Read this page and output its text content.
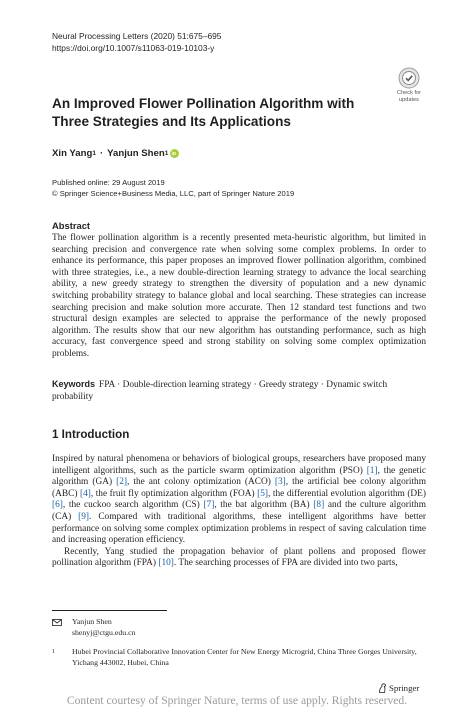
Neural Processing Letters (2020) 51:675–695
https://doi.org/10.1007/s11063-019-10103-y
Check for
updates
An Improved Flower Pollination Algorithm with Three Strategies and Its Applications
Xin Yang 1 · Yanjun Shen 1
iD
Published online: 29 August 2019
© Springer Science+Business Media, LLC, part of Springer Nature 2019
Abstract
The flower pollination algorithm is a recently presented meta-heuristic algorithm, but limited in searching precision and convergence rate when solving some complex problems. In order to enhance its performance, this paper proposes an improved flower pollination algorithm, combined with three strategies, i.e., a new double-direction learning strategy to advance the local searching ability, a new greedy strategy to strengthen the diversity of population and a new dynamic switching probability strategy to balance global and local searching. These strategies can increase searching precision and make solution more accurate. Then 12 standard test functions and two structural design examples are selected to appraise the performance of the newly proposed algorithm. The results show that our new algorithm has outstanding performance, such as high accuracy, fast convergence speed and strong stability on solving some complex optimization problems.
Keywords FPA · Double-direction learning strategy · Greedy strategy · Dynamic switch probability
1 Introduction

Inspired by natural phenomena or behaviors of biological groups, researchers have proposed many intelligent algorithms, such as the particle swarm optimization algorithm (PSO) [1], the genetic algorithm (GA) [2], the ant colony optimization (ACO) [3], the artificial bee colony algorithm (ABC) [4], the fruit fly optimization algorithm (FOA) [5], the differential evolution algorithm (DE) [6], the cuckoo search algorithm (CS) [7], the bat algorithm (BA) [8] and the culture algorithm (CA) [9]. Compared with traditional algorithms, these intelligent algorithms have better performance on solving some complex optimization problems in respect of saving calculation time and increasing operation efficiency.

Recently, Yang studied the propagation behavior of plant pollens and proposed flower pollination algorithm (FPA) [10]. The searching processes of FPA are divided into two parts,

Yanjun Shen
shenyj@ctgu.edu.cn
1 Hubei Provincial Collaborative Innovation Center for New Energy Microgrid, China Three Gorges University, Yichang 443002, Hubei, China
Springer
Content courtesy of Springer Nature, terms of use apply. Rights reserved.
